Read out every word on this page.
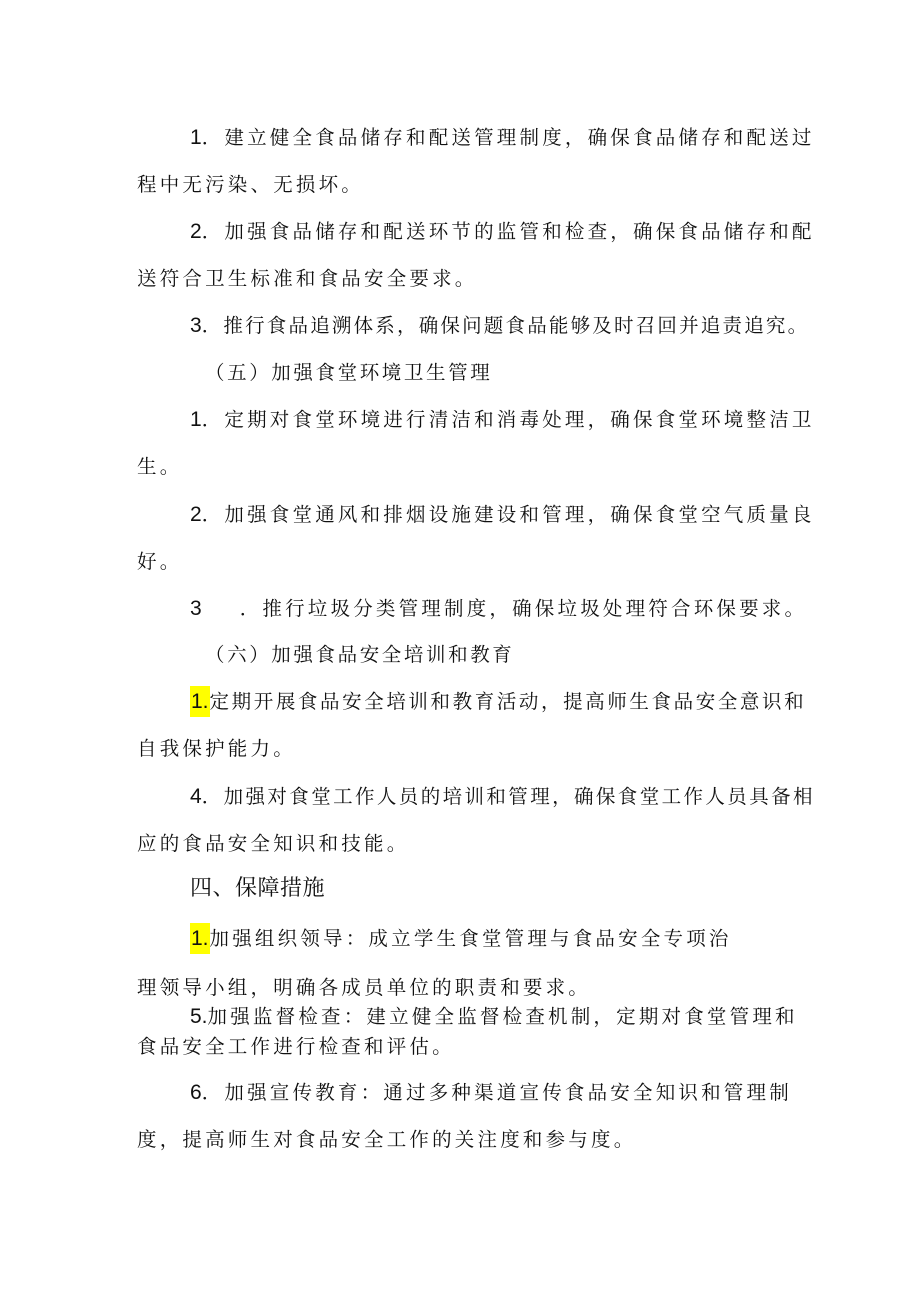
1．建立健全食品储存和配送管理制度，确保食品储存和配送过
程中无污染、无损坏。
2．加强食品储存和配送环节的监管和检查，确保食品储存和配
送符合卫生标准和食品安全要求。
3．推行食品追溯体系，确保问题食品能够及时召回并追责追究。
（五）加强食堂环境卫生管理
1．定期对食堂环境进行清洁和消毒处理，确保食堂环境整洁卫
生。
2．加强食堂通风和排烟设施建设和管理，确保食堂空气质量良
好。
3 ．推行垃圾分类管理制度，确保垃圾处理符合环保要求。
（六）加强食品安全培训和教育
1.定期开展食品安全培训和教育活动，提高师生食品安全意识和
自我保护能力。
4．加强对食堂工作人员的培训和管理，确保食堂工作人员具备相
应的食品安全知识和技能。
四、保障措施
1.加强组织领导：成立学生食堂管理与食品安全专项治
理领导小组，明确各成员单位的职责和要求。
5.加强监督检查：建立健全监督检查机制，定期对食堂管理和
食品安全工作进行检查和评估。
6．加强宣传教育：通过多种渠道宣传食品安全知识和管理制
度，提高师生对食品安全工作的关注度和参与度。
